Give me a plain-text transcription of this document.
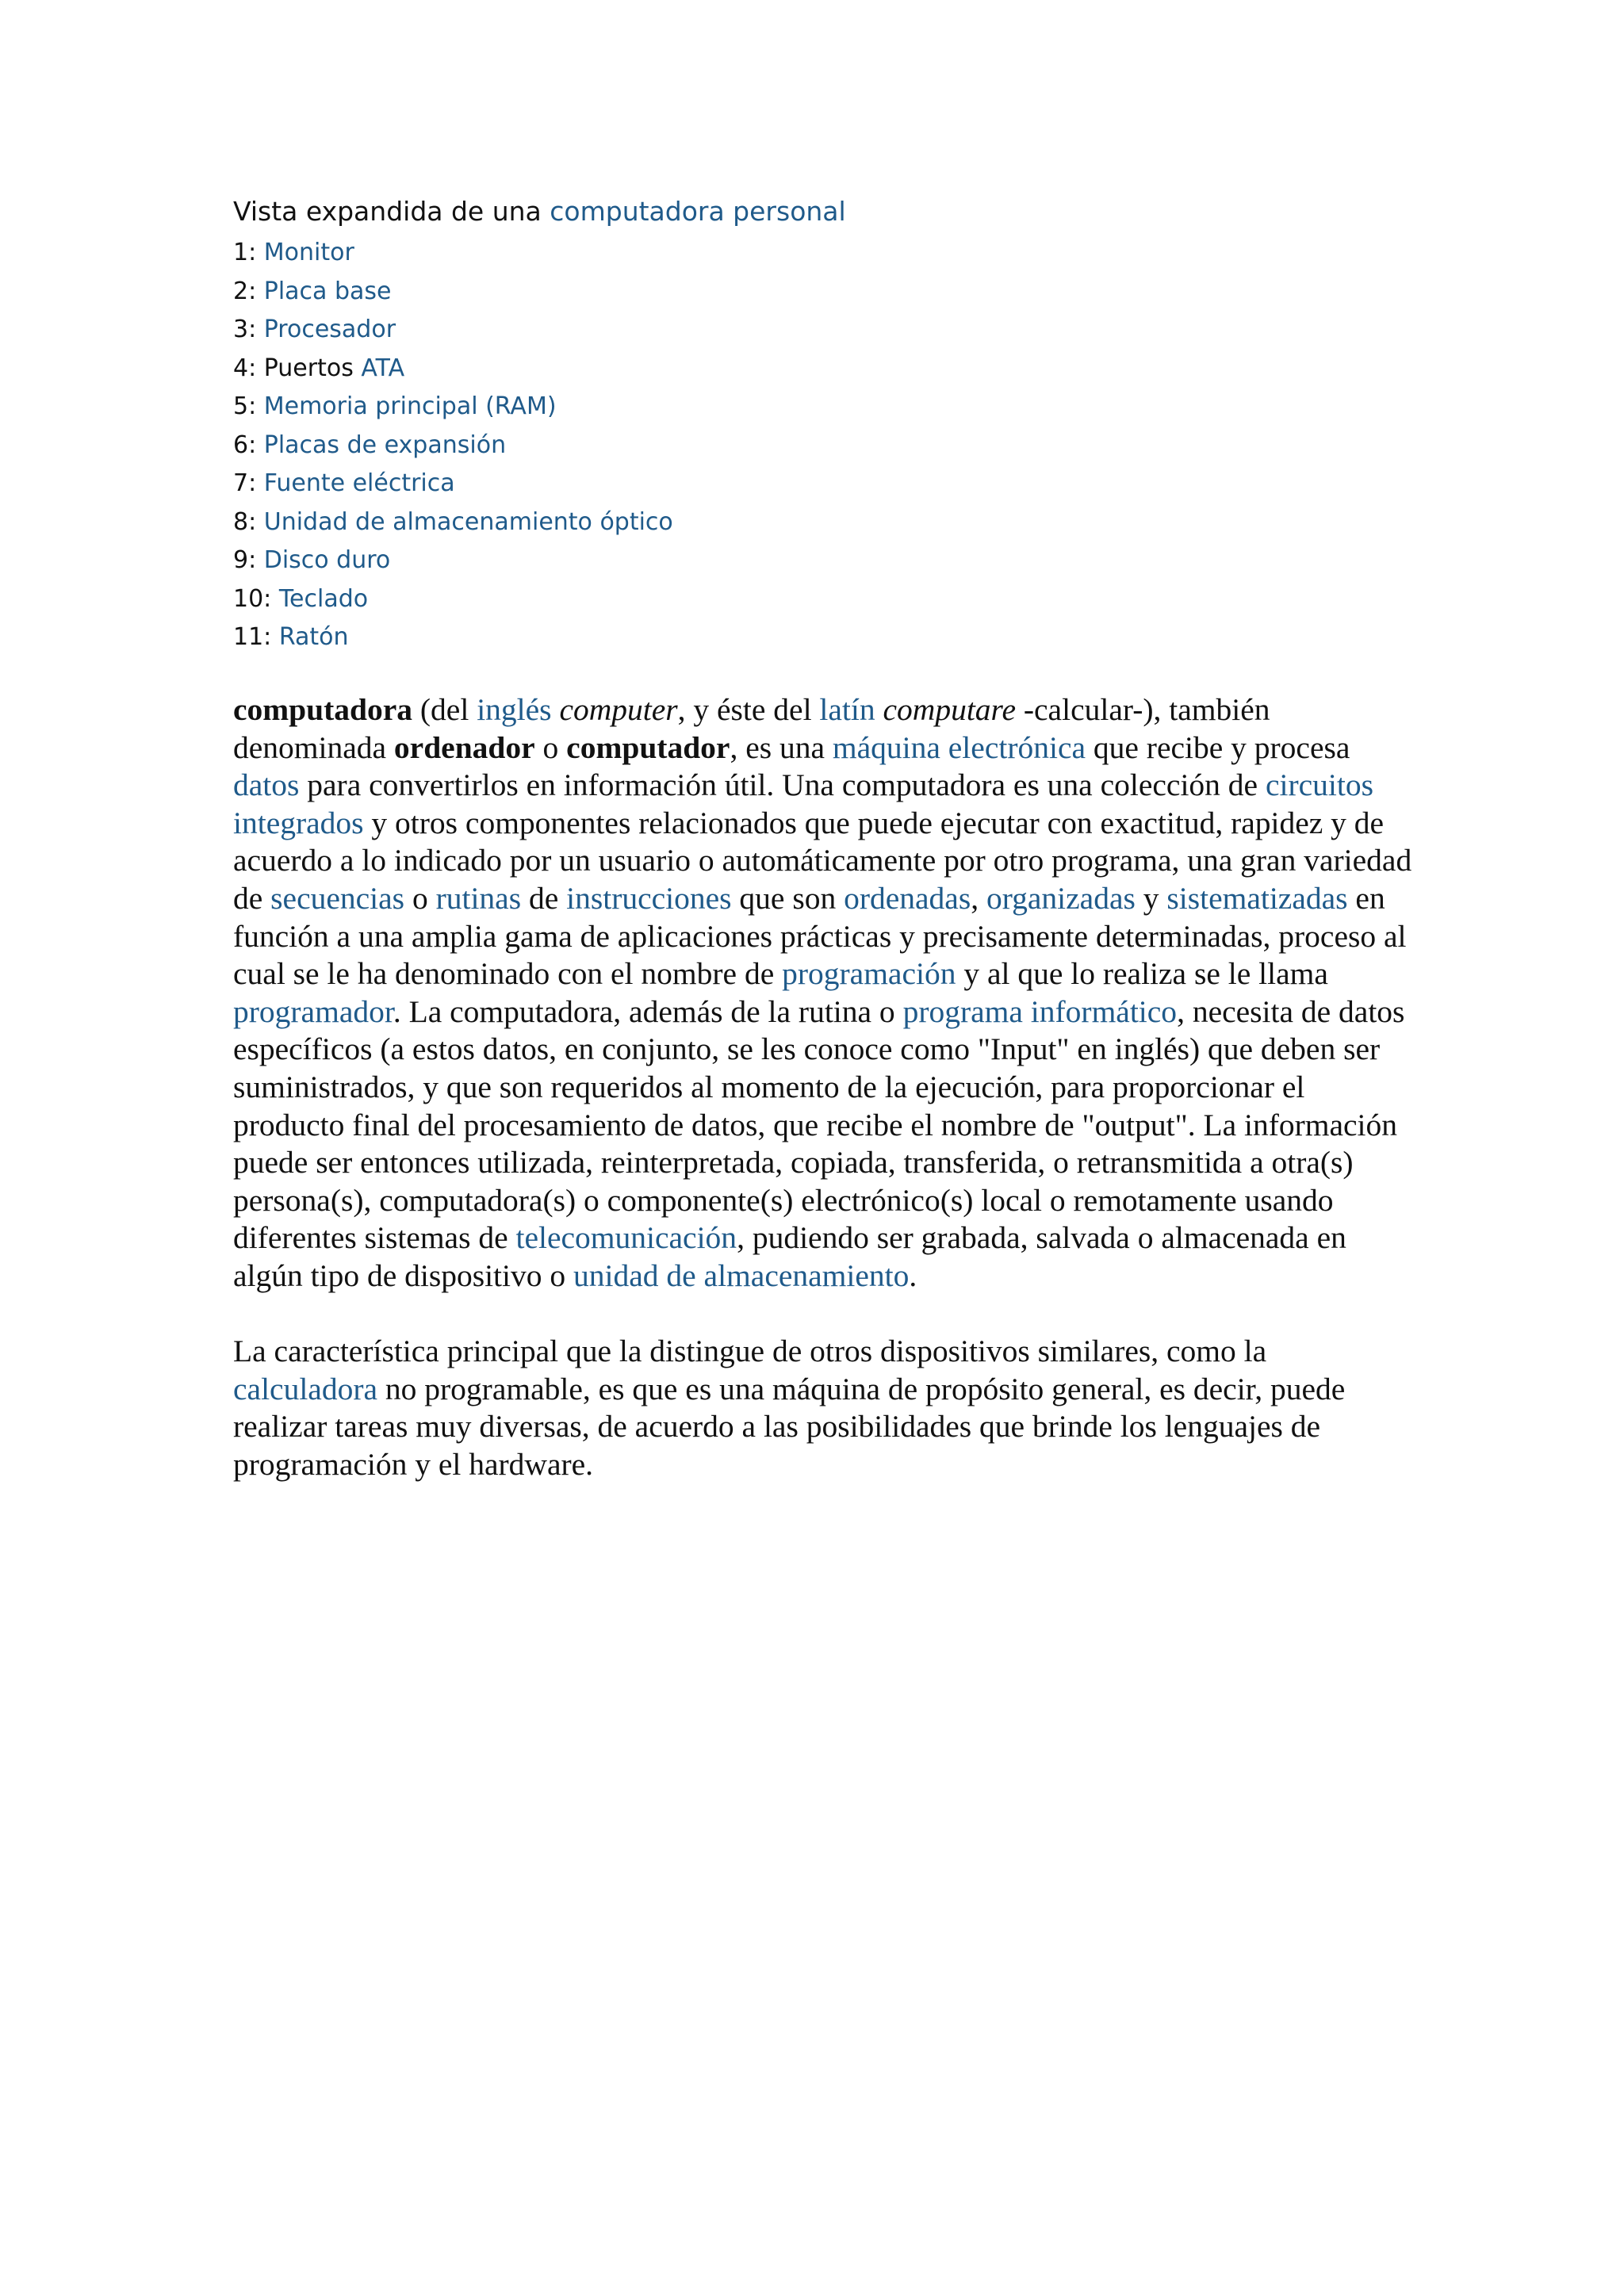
Vista expandida de una computadora personal
1: Monitor
2: Placa base
3: Procesador
4: Puertos ATA
5: Memoria principal (RAM)
6: Placas de expansión
7: Fuente eléctrica
8: Unidad de almacenamiento óptico
9: Disco duro
10: Teclado
11: Ratón

computadora (del inglés computer, y éste del latín computare -calcular-), también denominada ordenador o computador, es una máquina electrónica que recibe y procesa datos para convertirlos en información útil. Una computadora es una colección de circuitos integrados y otros componentes relacionados que puede ejecutar con exactitud, rapidez y de acuerdo a lo indicado por un usuario o automáticamente por otro programa, una gran variedad de secuencias o rutinas de instrucciones que son ordenadas, organizadas y sistematizadas en función a una amplia gama de aplicaciones prácticas y precisamente determinadas, proceso al cual se le ha denominado con el nombre de programación y al que lo realiza se le llama programador. La computadora, además de la rutina o programa informático, necesita de datos específicos (a estos datos, en conjunto, se les conoce como "Input" en inglés) que deben ser suministrados, y que son requeridos al momento de la ejecución, para proporcionar el producto final del procesamiento de datos, que recibe el nombre de "output". La información puede ser entonces utilizada, reinterpretada, copiada, transferida, o retransmitida a otra(s) persona(s), computadora(s) o componente(s) electrónico(s) local o remotamente usando diferentes sistemas de telecomunicación, pudiendo ser grabada, salvada o almacenada en algún tipo de dispositivo o unidad de almacenamiento.

La característica principal que la distingue de otros dispositivos similares, como la calculadora no programable, es que es una máquina de propósito general, es decir, puede realizar tareas muy diversas, de acuerdo a las posibilidades que brinde los lenguajes de programación y el hardware.
